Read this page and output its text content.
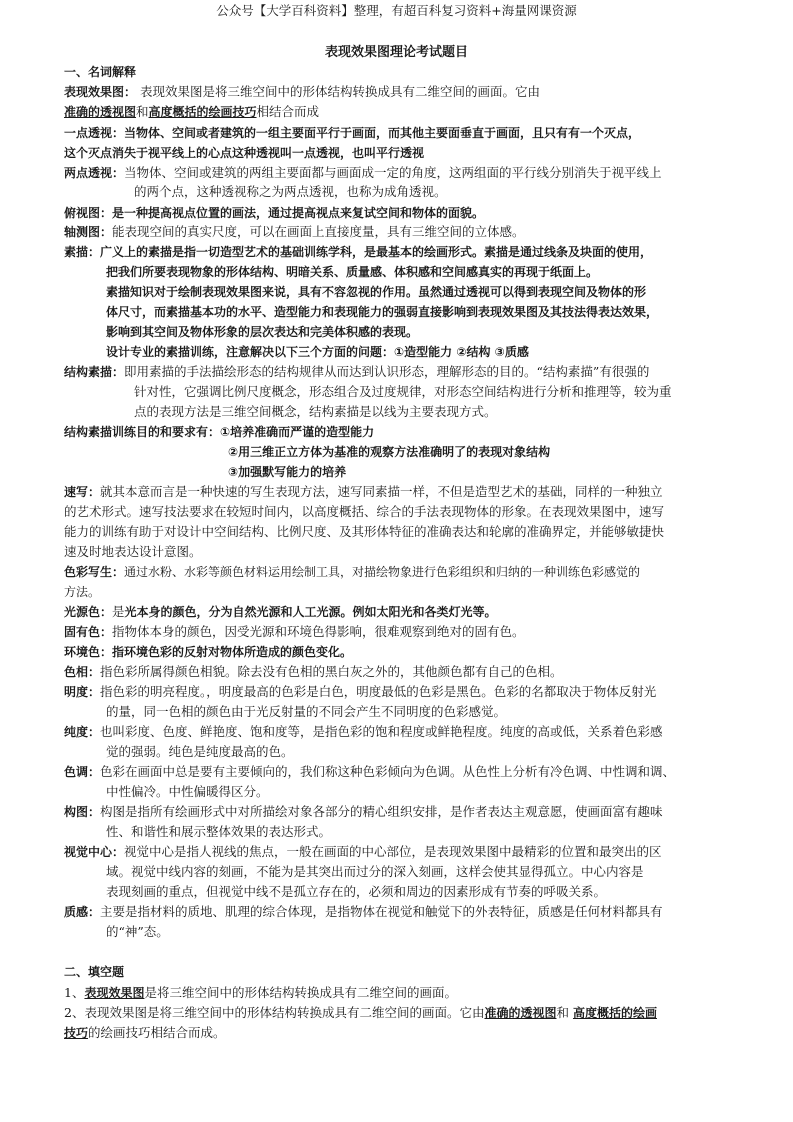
公众号【大学百科资料】整理，有超百科复习资料+海量网课资源
表现效果图理论考试题目
一、名词解释
表现效果图： 表现效果图是将三维空间中的形体结构转换成具有二维空间的画面。它由
准确的透视图和高度概括的绘画技巧相结合而成
一点透视：当物体、空间或者建筑的一组主要面平行于画面，而其他主要面垂直于画面，且只有有一个灭点，
这个灭点消失于视平线上的心点这种透视叫一点透视，也叫平行透视
两点透视：当物体、空间或建筑的两组主要面都与画面成一定的角度，这两组面的平行线分别消失于视平线上
的两个点，这种透视称之为两点透视，也称为成角透视。
俯视图：是一种提高视点位置的画法，通过提高视点来复试空间和物体的面貌。
轴测图：能表现空间的真实尺度，可以在画面上直接度量，具有三维空间的立体感。
素描：广义上的素描是指一切造型艺术的基础训练学科，是最基本的绘画形式。素描是通过线条及块面的使用，
把我们所要表现物象的形体结构、明暗关系、质量感、体积感和空间感真实的再现于纸面上。
素描知识对于绘制表现效果图来说，具有不容忽视的作用。虽然通过透视可以得到表现空间及物体的形
体尺寸，而素描基本功的水平、造型能力和表现能力的强弱直接影响到表现效果图及其技法得表达效果，
影响到其空间及物体形象的层次表达和完美体积感的表现。
设计专业的素描训练，注意解决以下三个方面的问题：①造型能力 ②结构 ③质感
结构素描：即用素描的手法描绘形态的结构规律从而达到认识形态，理解形态的目的。“结构素描”有很强的
针对性，它强调比例尺度概念，形态组合及过度规律，对形态空间结构进行分析和推理等，较为重
点的表现方法是三维空间概念，结构素描是以线为主要表现方式。
结构素描训练目的和要求有：①培养准确而严谨的造型能力
②用三维正立方体为基准的观察方法准确明了的表现对象结构
③加强默写能力的培养
速写：就其本意而言是一种快速的写生表现方法，速写同素描一样，不但是造型艺术的基础，同样的一种独立
的艺术形式。速写技法要求在较短时间内，以高度概括、综合的手法表现物体的形象。在表现效果图中，速写
能力的训练有助于对设计中空间结构、比例尺度、及其形体特征的准确表达和轮廓的准确界定，并能够敏捷快
速及时地表达设计意图。
色彩写生：通过水粉、水彩等颜色材料运用绘制工具，对描绘物象进行色彩组织和归纳的一种训练色彩感觉的
方法。
光源色：是光本身的颜色，分为自然光源和人工光源。例如太阳光和各类灯光等。
固有色：指物体本身的颜色，因受光源和环境色得影响，很难观察到绝对的固有色。
环境色：指环境色彩的反射对物体所造成的颜色变化。
色相：指色彩所属得颜色相貌。除去没有色相的黑白灰之外的，其他颜色都有自己的色相。
明度：指色彩的明亮程度。，明度最高的色彩是白色，明度最低的色彩是黑色。色彩的名都取决于物体反射光
的量，同一色相的颜色由于光反射量的不同会产生不同明度的色彩感觉。
纯度：也叫彩度、色度、鲜艳度、饱和度等，是指色彩的饱和程度或鲜艳程度。纯度的高或低，关系着色彩感
觉的强弱。纯色是纯度最高的色。
色调：色彩在画面中总是要有主要倾向的，我们称这种色彩倾向为色调。从色性上分析有冷色调、中性调和调、
中性偏冷。中性偏暖得区分。
构图：构图是指所有绘画形式中对所描绘对象各部分的精心组织安排，是作者表达主观意愿，使画面富有趣味
性、和谐性和展示整体效果的表达形式。
视觉中心：视觉中心是指人视线的焦点，一般在画面的中心部位，是表现效果图中最精彩的位置和最突出的区
域。视觉中线内容的刻画，不能为是其突出而过分的深入刻画，这样会使其显得孤立。中心内容是
表现刻画的重点，但视觉中线不是孤立存在的，必须和周边的因素形成有节奏的呼吸关系。
质感：主要是指材料的质地、肌理的综合体现，是指物体在视觉和触觉下的外表特征，质感是任何材料都具有
的“神”态。
二、填空题
1、表现效果图是将三维空间中的形体结构转换成具有二维空间的画面。
2、表现效果图是将三维空间中的形体结构转换成具有二维空间的画面。它由准确的透视图和 高度概括的绘画
技巧的绘画技巧相结合而成。
